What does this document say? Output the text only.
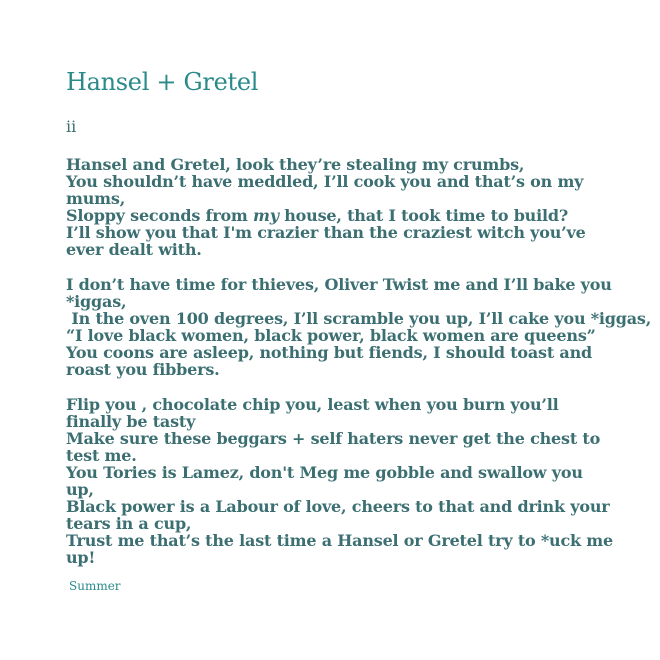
Hansel + Gretel
ii
Hansel and Gretel, look they’re stealing my crumbs,
You shouldn’t have meddled, I’ll cook you and that’s on my mums,
Sloppy seconds from my house, that I took time to build?
I’ll show you that I'm crazier than the craziest witch you’ve ever dealt with.
I don’t have time for thieves, Oliver Twist me and I’ll bake you *iggas,
In the oven 100 degrees, I’ll scramble you up, I’ll cake you *iggas,
“I love black women, black power, black women are queens”
You coons are asleep, nothing but fiends, I should toast and roast you fibbers.
Flip you , chocolate chip you, least when you burn you’ll finally be tasty
Make sure these beggars + self haters never get the chest to test me.
You Tories is Lamez, don't Meg me gobble and swallow you up,
Black power is a Labour of love, cheers to that and drink your tears in a cup,
Trust me that’s the last time a Hansel or Gretel try to *uck me up!
Summer
